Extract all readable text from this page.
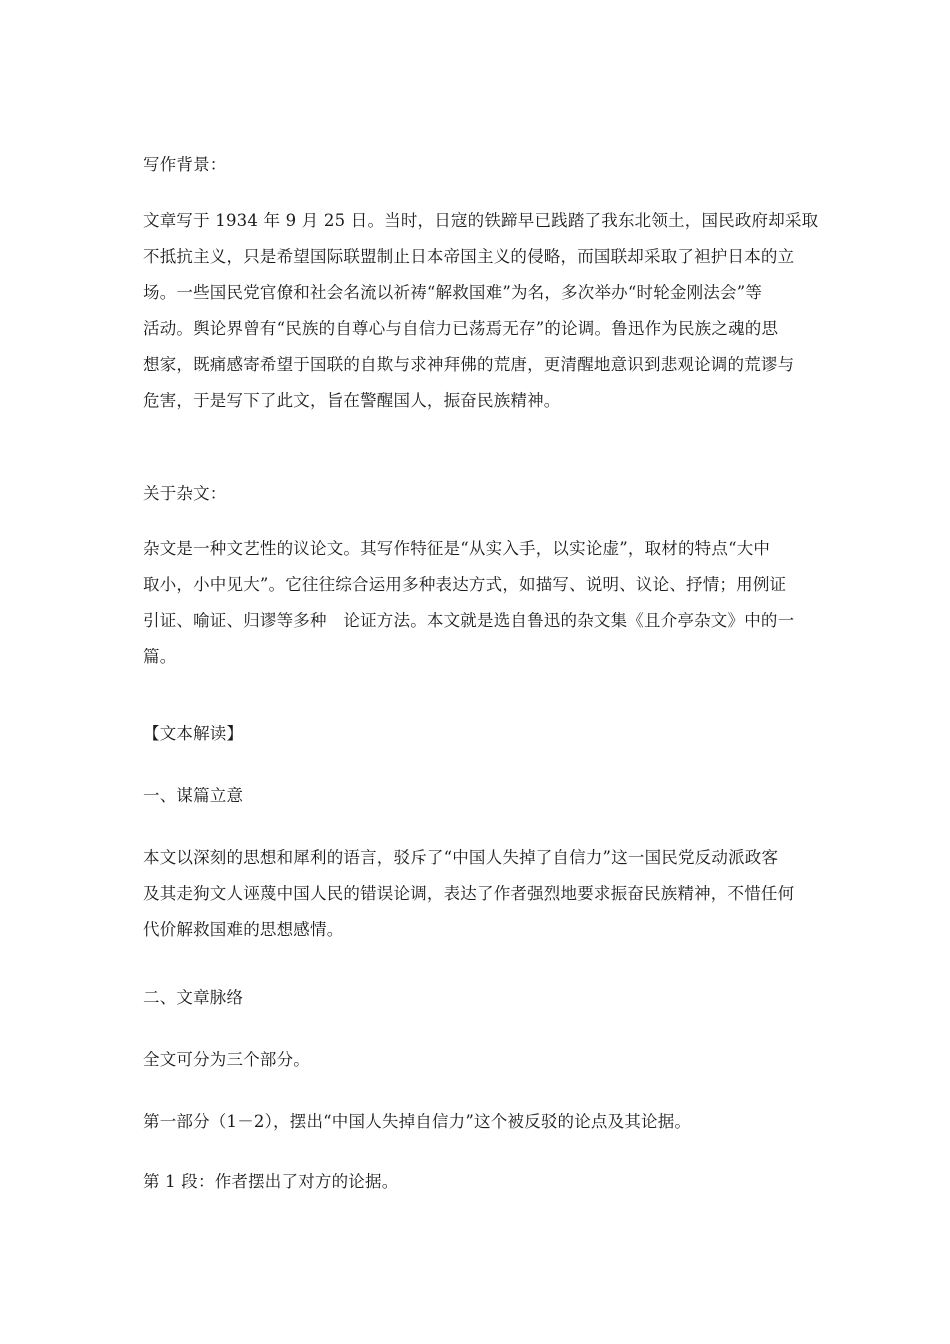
写作背景：
文章写于 1934 年 9 月 25 日。当时，日寇的铁蹄早已践踏了我东北领土，国民政府却采取
不抵抗主义，只是希望国际联盟制止日本帝国主义的侵略，而国联却采取了袒护日本的立
场。一些国民党官僚和社会名流以祈祷“解救国难”为名，多次举办“时轮金刚法会”等
活动。舆论界曾有“民族的自尊心与自信力已荡焉无存”的论调。鲁迅作为民族之魂的思
想家，既痛感寄希望于国联的自欺与求神拜佛的荒唐，更清醒地意识到悲观论调的荒谬与
危害，于是写下了此文，旨在警醒国人，振奋民族精神。
关于杂文：
杂文是一种文艺性的议论文。其写作特征是“从实入手，以实论虚”，取材的特点“大中
取小，小中见大”。它往往综合运用多种表达方式，如描写、说明、议论、抒情；用例证
引证、喻证、归谬等多种　论证方法。本文就是选自鲁迅的杂文集《且介亭杂文》中的一
篇。
【文本解读】
一、谋篇立意
本文以深刻的思想和犀利的语言，驳斥了“中国人失掉了自信力”这一国民党反动派政客
及其走狗文人诬蔑中国人民的错误论调，表达了作者强烈地要求振奋民族精神，不惜任何
代价解救国难的思想感情。
二、文章脉络
全文可分为三个部分。
第一部分（1－2），摆出“中国人失掉自信力”这个被反驳的论点及其论据。
第 1 段：作者摆出了对方的论据。
